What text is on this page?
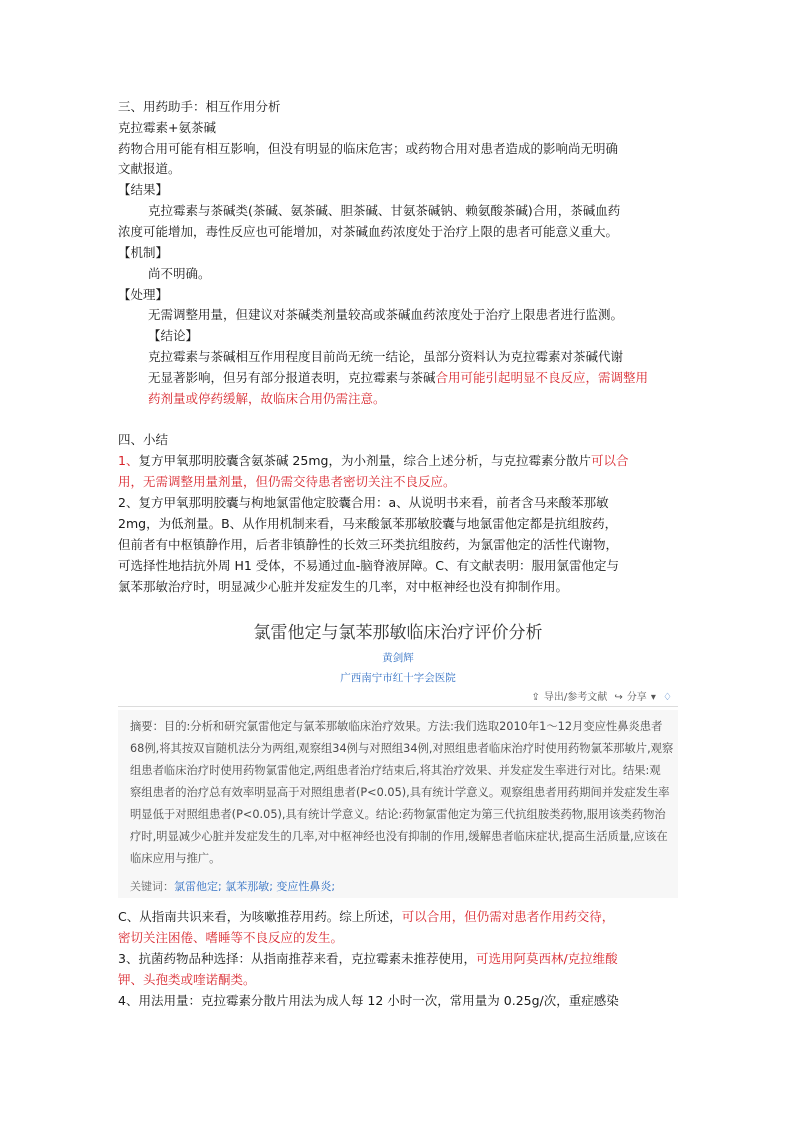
三、用药助手：相互作用分析
克拉霉素+氨茶碱
药物合用可能有相互影响，但没有明显的临床危害；或药物合用对患者造成的影响尚无明确
文献报道。
【结果】
克拉霉素与茶碱类(茶碱、氨茶碱、胆茶碱、甘氨茶碱钠、赖氨酸茶碱)合用，茶碱血药
浓度可能增加，毒性反应也可能增加，对茶碱血药浓度处于治疗上限的患者可能意义重大。
【机制】
尚不明确。
【处理】
无需调整用量，但建议对茶碱类剂量较高或茶碱血药浓度处于治疗上限患者进行监测。
【结论】
克拉霉素与茶碱相互作用程度目前尚无统一结论，虽部分资料认为克拉霉素对茶碱代谢
无显著影响，但另有部分报道表明，克拉霉素与茶碱合用可能引起明显不良反应，需调整用
药剂量或停药缓解，故临床合用仍需注意。
四、小结
1、复方甲氧那明胶囊含氨茶碱 25mg，为小剂量，综合上述分析，与克拉霉素分散片可以合
用，无需调整用量剂量，但仍需交待患者密切关注不良反应。
2、复方甲氧那明胶囊与枸地氯雷他定胶囊合用：a、从说明书来看，前者含马来酸苯那敏
2mg，为低剂量。B、从作用机制来看，马来酸氯苯那敏胶囊与地氯雷他定都是抗组胺药，
但前者有中枢镇静作用，后者非镇静性的长效三环类抗组胺药，为氯雷他定的活性代谢物，
可选择性地拮抗外周 H1 受体，不易通过血-脑脊液屏障。C、有文献表明：服用氯雷他定与
氯苯那敏治疗时，明显减少心脏并发症发生的几率，对中枢神经也没有抑制作用。
氯雷他定与氯苯那敏临床治疗评价分析
黄剑辉
广西南宁市红十字会医院
⇪ 导出/参考文献 ↪ 分享 ▾ ♢
摘要：目的:分析和研究氯雷他定与氯苯那敏临床治疗效果。方法:我们选取2010年1～12月变应性鼻炎患者
68例,将其按双盲随机法分为两组,观察组34例与对照组34例,对照组患者临床治疗时使用药物氯苯那敏片,观察
组患者临床治疗时使用药物氯雷他定,两组患者治疗结束后,将其治疗效果、并发症发生率进行对比。结果:观
察组患者的治疗总有效率明显高于对照组患者(P<0.05),具有统计学意义。观察组患者用药期间并发症发生率
明显低于对照组患者(P<0.05),具有统计学意义。结论:药物氯雷他定为第三代抗组胺类药物,服用该类药物治
疗时,明显减少心脏并发症发生的几率,对中枢神经也没有抑制的作用,缓解患者临床症状,提高生活质量,应该在
临床应用与推广。
关键词：氯雷他定; 氯苯那敏; 变应性鼻炎;
C、从指南共识来看，为咳嗽推荐用药。综上所述，可以合用，但仍需对患者作用药交待，
密切关注困倦、嗜睡等不良反应的发生。
3、抗菌药物品种选择：从指南推荐来看，克拉霉素未推荐使用，可选用阿莫西林/克拉维酸
钾、头孢类或喹诺酮类。
4、用法用量：克拉霉素分散片用法为成人每 12 小时一次，常用量为 0.25g/次，重症感染
